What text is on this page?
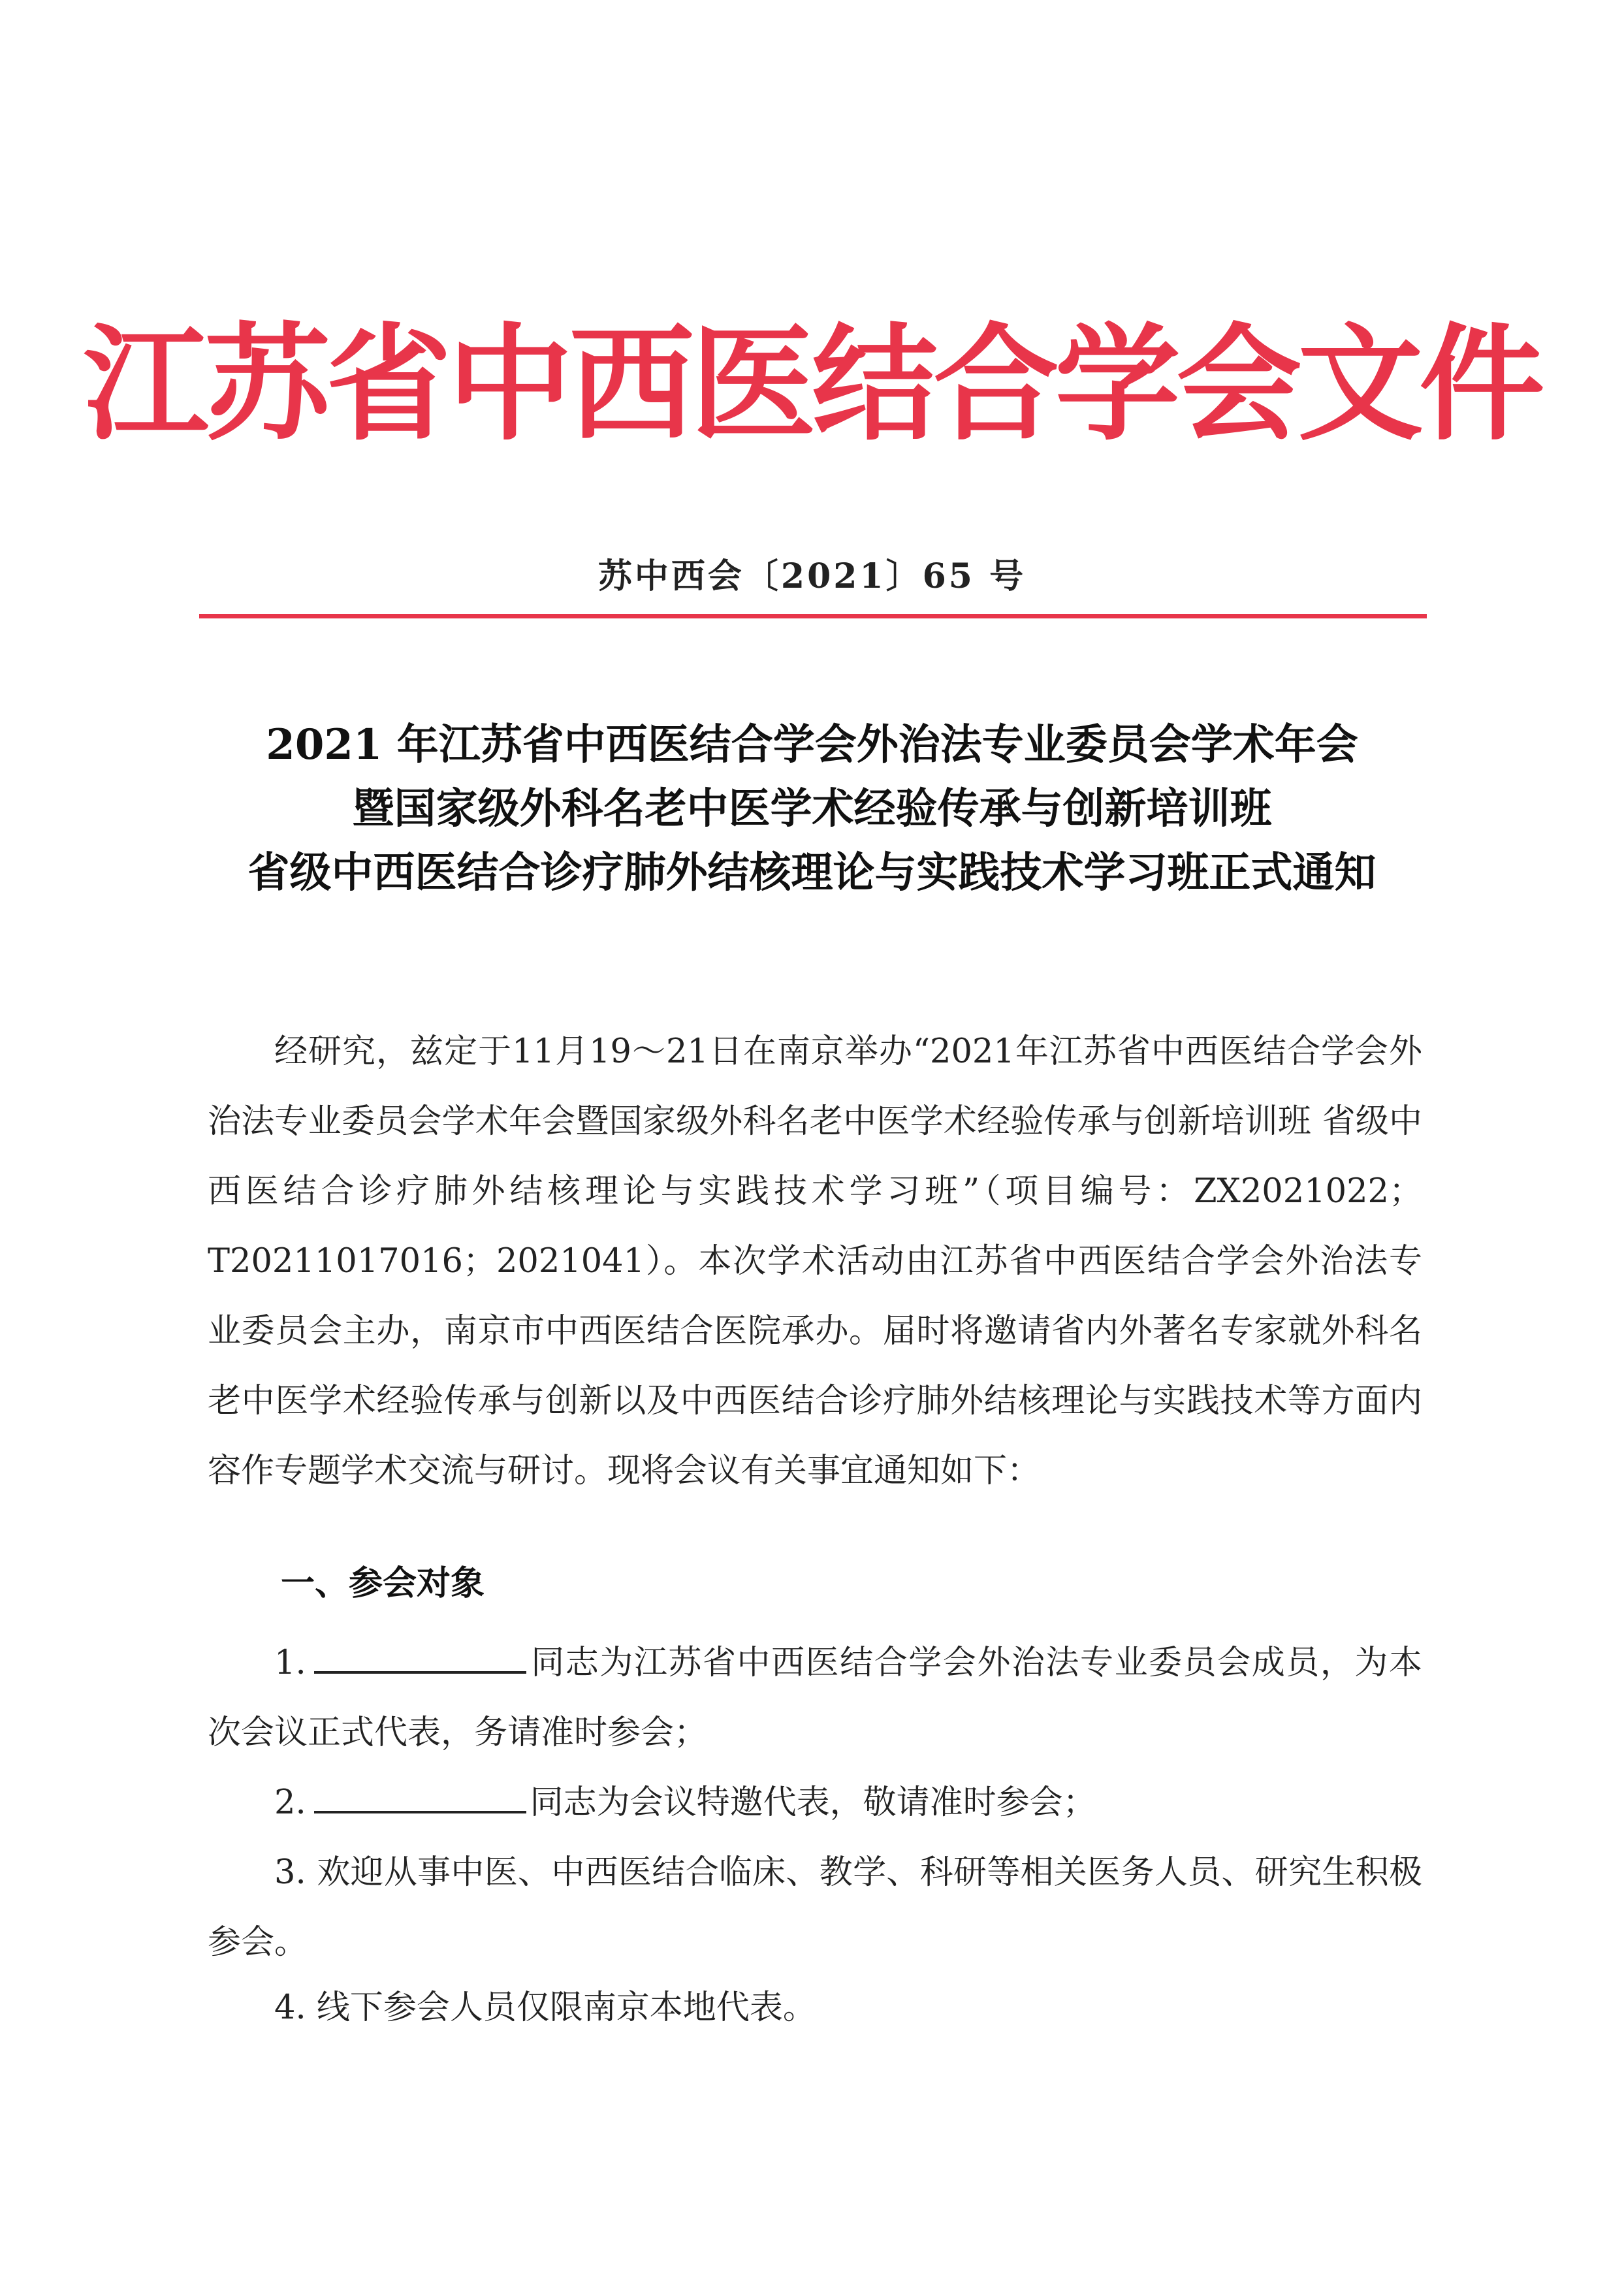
江苏省中西医结合学会文件
苏中西会〔2021〕65 号
2021 年江苏省中西医结合学会外治法专业委员会学术年会
暨国家级外科名老中医学术经验传承与创新培训班
省级中西医结合诊疗肺外结核理论与实践技术学习班正式通知
经研究，兹定于11月19～21日在南京举办“2021年江苏省中西医结合学会外治法专业委员会学术年会暨国家级外科名老中医学术经验传承与创新培训班 省级中西医结合诊疗肺外结核理论与实践技术学习班”（项目编号：ZX2021022；T20211017016；2021041）。本次学术活动由江苏省中西医结合学会外治法专业委员会主办，南京市中西医结合医院承办。届时将邀请省内外著名专家就外科名老中医学术经验传承与创新以及中西医结合诊疗肺外结核理论与实践技术等方面内容作专题学术交流与研讨。现将会议有关事宜通知如下：
一、参会对象
1.	同志为江苏省中西医结合学会外治法专业委员会成员，为本次会议正式代表，务请准时参会；
2.	同志为会议特邀代表，敬请准时参会；
3. 欢迎从事中医、中西医结合临床、教学、科研等相关医务人员、研究生积极参会。
4. 线下参会人员仅限南京本地代表。
